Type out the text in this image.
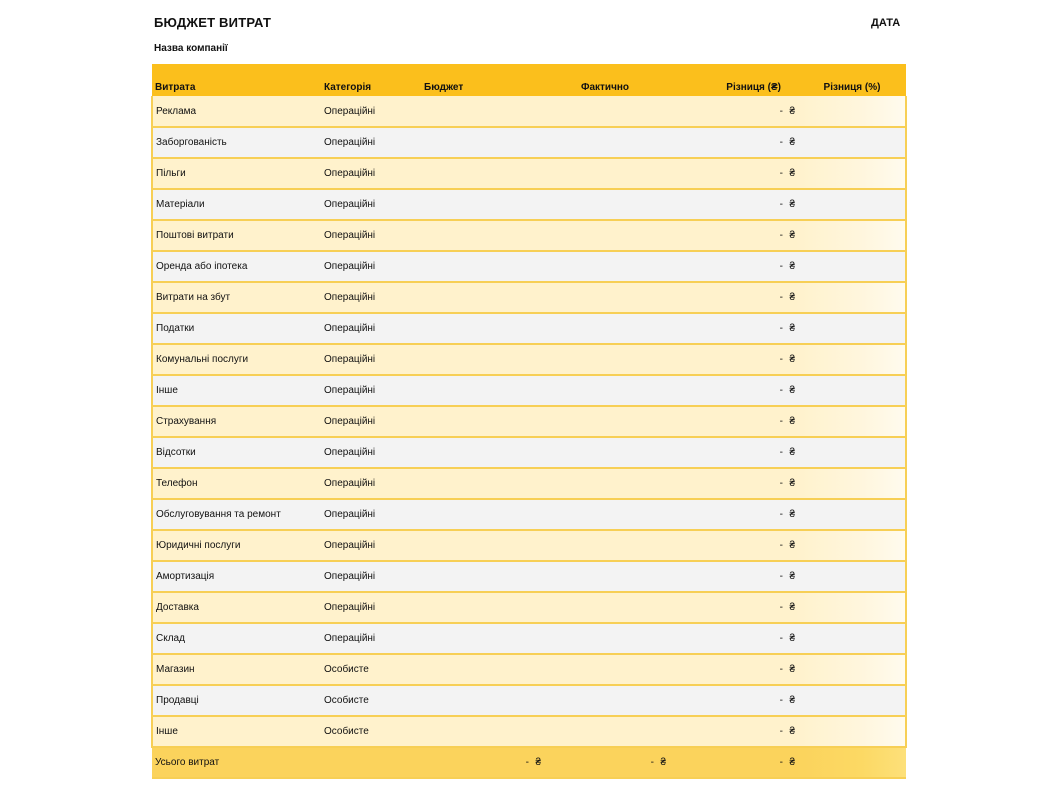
БЮДЖЕТ ВИТРАТ	ДАТА
Назва компанії
Витрата	Категорія	Бюджет	Фактично	Різниця (₴)	Різниця (%)
Реклама	Операційні			- ₴	
Заборгованість	Операційні			- ₴	
Пільги	Операційні			- ₴	
Матеріали	Операційні			- ₴	
Поштові витрати	Операційні			- ₴	
Оренда або іпотека	Операційні			- ₴	
Витрати на збут	Операційні			- ₴	
Податки	Операційні			- ₴	
Комунальні послуги	Операційні			- ₴	
Інше	Операційні			- ₴	
Страхування	Операційні			- ₴	
Відсотки	Операційні			- ₴	
Телефон	Операційні			- ₴	
Обслуговування та ремонт	Операційні			- ₴	
Юридичні послуги	Операційні			- ₴	
Амортизація	Операційні			- ₴	
Доставка	Операційні			- ₴	
Склад	Операційні			- ₴	
Магазин	Особисте			- ₴	
Продавці	Особисте			- ₴	
Інше	Особисте			- ₴	
Усього витрат		- ₴	- ₴	- ₴	
